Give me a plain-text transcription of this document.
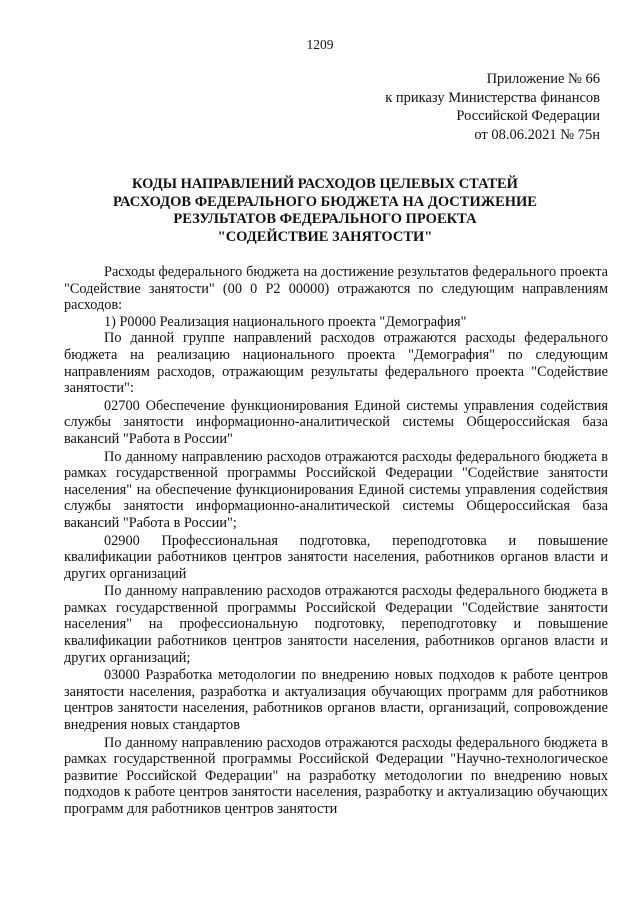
1209
Приложение № 66
к приказу Министерства финансов
Российской Федерации
от 08.06.2021 № 75н
КОДЫ НАПРАВЛЕНИЙ РАСХОДОВ ЦЕЛЕВЫХ СТАТЕЙ
РАСХОДОВ ФЕДЕРАЛЬНОГО БЮДЖЕТА НА ДОСТИЖЕНИЕ
РЕЗУЛЬТАТОВ ФЕДЕРАЛЬНОГО ПРОЕКТА
"СОДЕЙСТВИЕ ЗАНЯТОСТИ"

Расходы федерального бюджета на достижение результатов федерального проекта "Содействие занятости" (00 0 Р2 00000) отражаются по следующим направлениям расходов:

1) Р0000 Реализация национального проекта "Демография"

По данной группе направлений расходов отражаются расходы федерального бюджета на реализацию национального проекта "Демография" по следующим направлениям расходов, отражающим результаты федерального проекта "Содействие занятости":

02700 Обеспечение функционирования Единой системы управления содействия службы занятости информационно-аналитической системы Общероссийская база вакансий "Работа в России"

По данному направлению расходов отражаются расходы федерального бюджета в рамках государственной программы Российской Федерации "Содействие занятости населения" на обеспечение функционирования Единой системы управления содействия службы занятости информационно-аналитической системы Общероссийская база вакансий "Работа в России";

02900 Профессиональная подготовка, переподготовка и повышение квалификации работников центров занятости населения, работников органов власти и других организаций

По данному направлению расходов отражаются расходы федерального бюджета в рамках государственной программы Российской Федерации "Содействие занятости населения" на профессиональную подготовку, переподготовку и повышение квалификации работников центров занятости населения, работников органов власти и других организаций;

03000 Разработка методологии по внедрению новых подходов к работе центров занятости населения, разработка и актуализация обучающих программ для работников центров занятости населения, работников органов власти, организаций, сопровождение внедрения новых стандартов

По данному направлению расходов отражаются расходы федерального бюджета в рамках государственной программы Российской Федерации "Научно-технологическое развитие Российской Федерации" на разработку методологии по внедрению новых подходов к работе центров занятости населения, разработку и актуализацию обучающих программ для работников центров занятости
